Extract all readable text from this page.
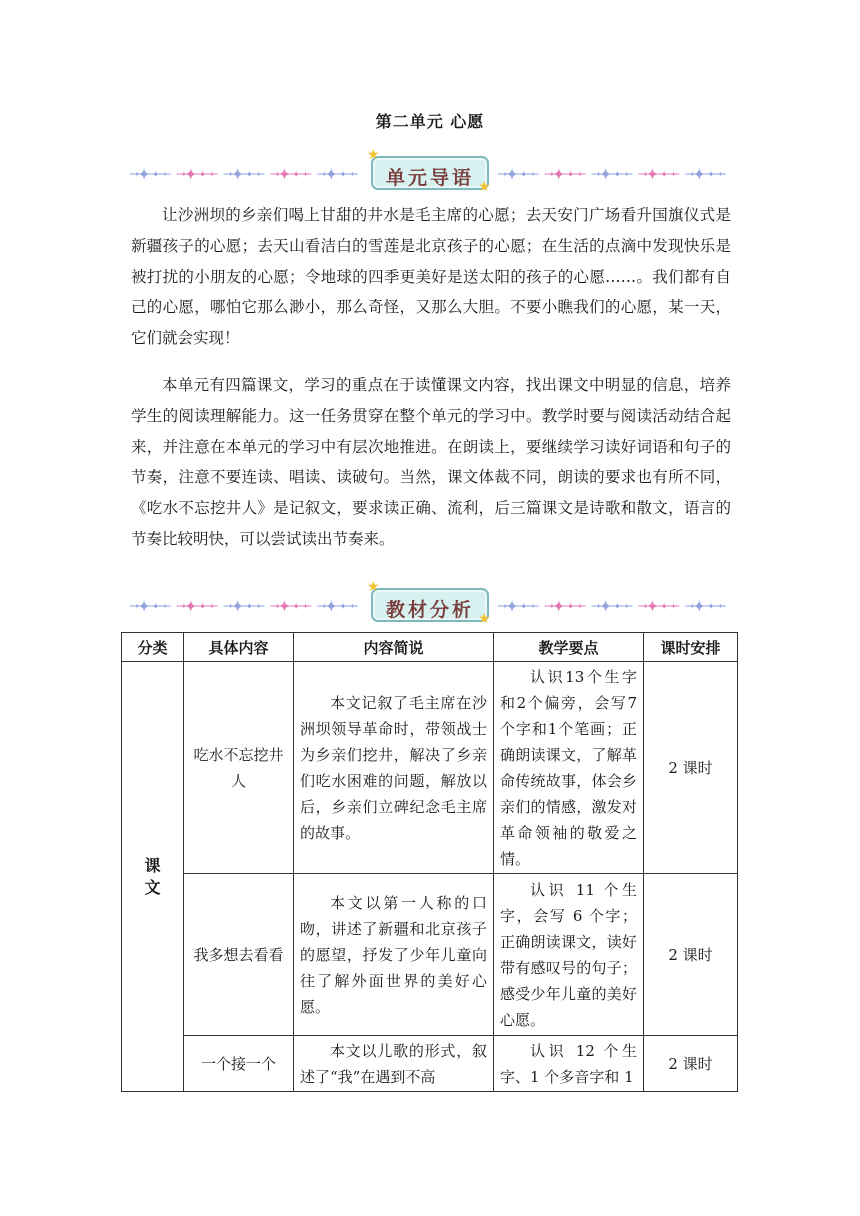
第二单元 心愿
单元导语
★
★

让沙洲坝的乡亲们喝上甘甜的井水是毛主席的心愿；去天安门广场看升国旗仪式是新疆孩子的心愿；去天山看洁白的雪莲是北京孩子的心愿；在生活的点滴中发现快乐是被打扰的小朋友的心愿；令地球的四季更美好是送太阳的孩子的心愿……。我们都有自己的心愿，哪怕它那么渺小，那么奇怪，又那么大胆。不要小瞧我们的心愿，某一天，它们就会实现！

本单元有四篇课文，学习的重点在于读懂课文内容，找出课文中明显的信息，培养学生的阅读理解能力。这一任务贯穿在整个单元的学习中。教学时要与阅读活动结合起来，并注意在本单元的学习中有层次地推进。在朗读上，要继续学习读好词语和句子的节奏，注意不要连读、唱读、读破句。当然，课文体裁不同，朗读的要求也有所不同，《吃水不忘挖井人》是记叙文，要求读正确、流利，后三篇课文是诗歌和散文，语言的节奏比较明快，可以尝试读出节奏来。

教材分析
★
★
分类	具体内容	内容简说	教学要点	课时安排
课文	吃水不忘挖井人	本文记叙了毛主席在沙洲坝领导革命时，带领战士为乡亲们挖井，解决了乡亲们吃水困难的问题，解放以后，乡亲们立碑纪念毛主席的故事。	认识13个生字和2个偏旁，会写7个字和1个笔画；正确朗读课文，了解革命传统故事，体会乡亲们的情感，激发对革命领袖的敬爱之情。	2 课时
	我多想去看看	本文以第一人称的口吻，讲述了新疆和北京孩子的愿望，抒发了少年儿童向往了解外面世界的美好心愿。	认识 11 个生字，会写 6 个字；正确朗读课文，读好带有感叹号的句子；感受少年儿童的美好心愿。	2 课时
	一个接一个	本文以儿歌的形式，叙述了“我”在遇到不高	认识 12 个生字、1 个多音字和 1	2 课时
